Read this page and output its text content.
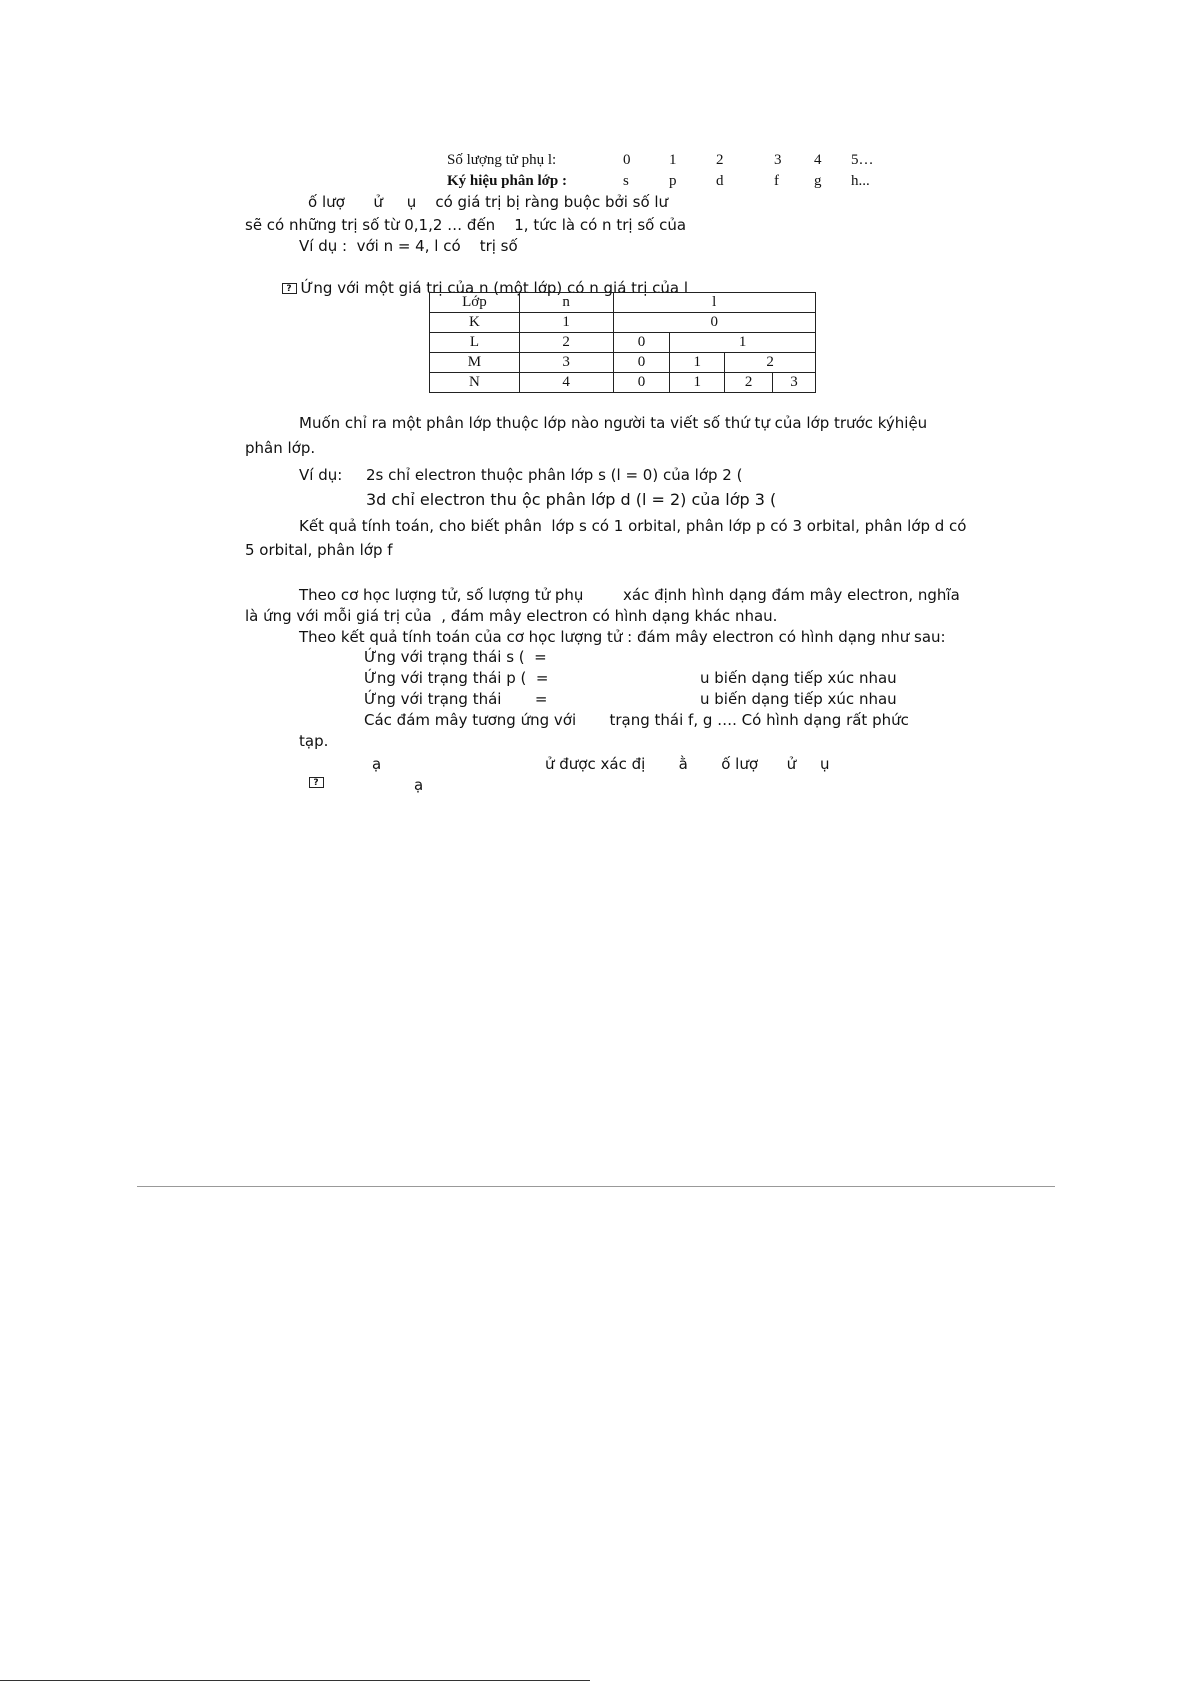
Số lượng tử phụ l:	0	1	2	3	4	5…
Ký hiệu phân lớp :	s	p	d	f	g	h...

ố lượ      ử     ụ    có giá trị bị ràng buộc bởi số lư
sẽ có những trị số từ 0,1,2 … đến    1, tức là có n trị số của
Ví dụ :  với n = 4, l có    trị số

? Ứng với một giá trị của n (một lớp) có n giá trị của l

Lớp	n	l			
K	1	0			
L	2	0	1		
M	3	0	1	2	
N	4	0	1	2	3
Muốn chỉ ra một phân lớp thuộc lớp nào người ta viết số thứ tự của lớp trước kýhiệu
phân lớp.
Ví dụ: 2s chỉ electron thuộc phân lớp s (l = 0) của lớp 2 (
3d chỉ electron thu ộc phân lớp d (l = 2) của lớp 3 (
Kết quả tính toán, cho biết phân  lớp s có 1 orbital, phân lớp p có 3 orbital, phân lớp d có
5 orbital, phân lớp f
Theo cơ học lượng tử, số lượng tử phụ	xác định hình dạng đám mây electron, nghĩa
là ứng với mỗi giá trị của  , đám mây electron có hình dạng khác nhau.
Theo kết quả tính toán của cơ học lượng tử : đám mây electron có hình dạng như sau:
Ứng với trạng thái s (  =
Ứng với trạng thái p (  =	u biến dạng tiếp xúc nhau
Ứng với trạng thái       =	u biến dạng tiếp xúc nhau
Các đám mây tương ứng với       trạng thái f, g …. Có hình dạng rất phức
tạp.

?

ạ	ử được xác đị       ằ       ố lượ      ử     ụ
ạ
